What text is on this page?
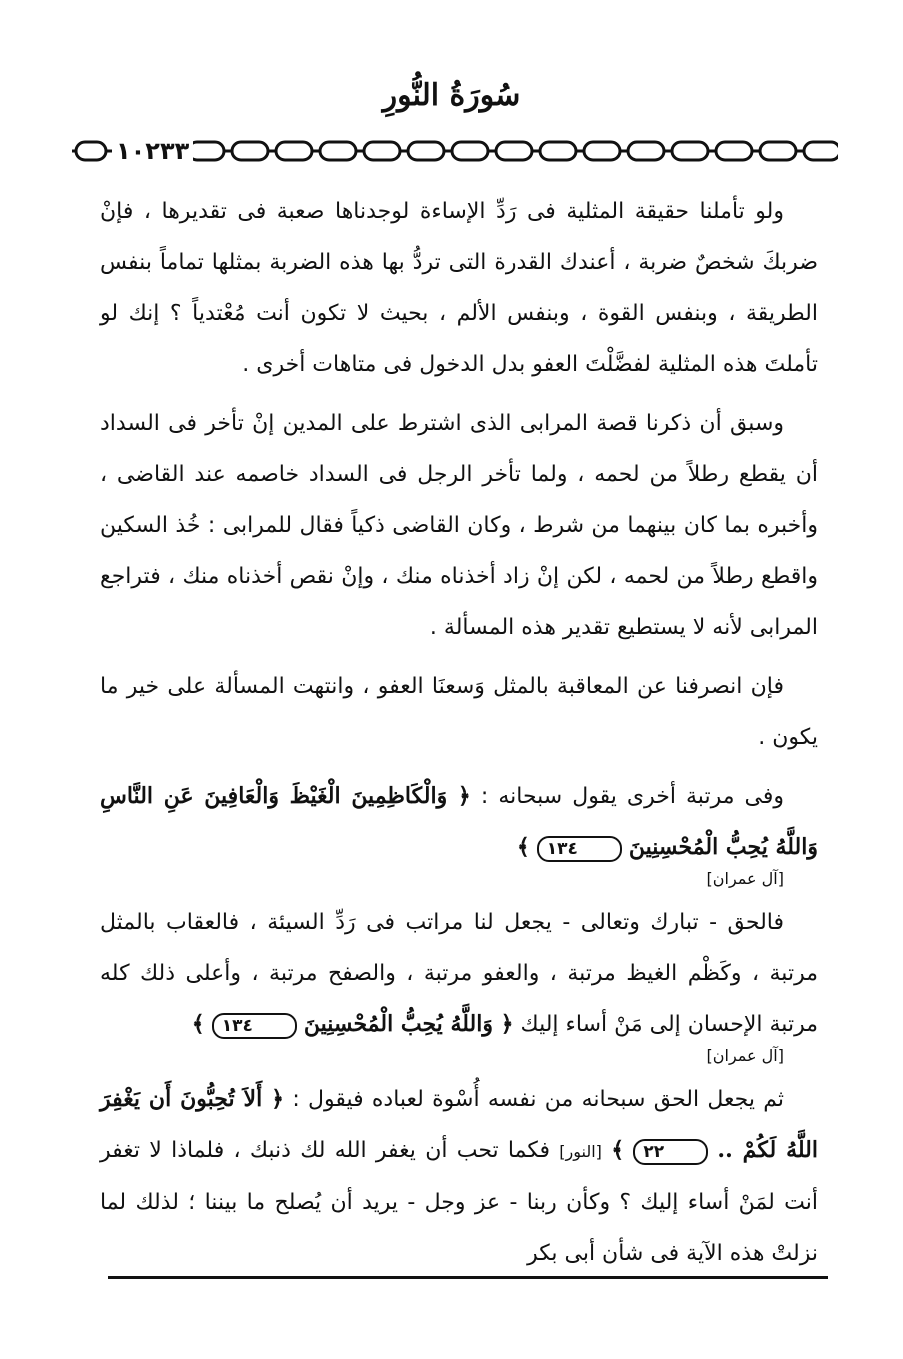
سُورَةُ النُّورِ
١٠٢٣٣

ولو تأملنا حقيقة المثلية فى رَدِّ الإساءة لوجدناها صعبة فى تقديرها ، فإنْ ضربكَ شخصٌ ضربة ، أعندك القدرة التى تردُّ بها هذه الضربة بمثلها تماماً بنفس الطريقة ، وبنفس القوة ، وبنفس الألم ، بحيث لا تكون أنت مُعْتدياً ؟ إنك لو تأملتَ هذه المثلية لفضَّلْتَ العفو بدل الدخول فى متاهات أخرى .

وسبق أن ذكرنا قصة المرابى الذى اشترط على المدين إنْ تأخر فى السداد أن يقطع رطلاً من لحمه ، ولما تأخر الرجل فى السداد خاصمه عند القاضى ، وأخبره بما كان بينهما من شرط ، وكان القاضى ذكياً فقال للمرابى : خُذ السكين واقطع رطلاً من لحمه ، لكن إنْ زاد أخذناه منك ، وإنْ نقص أخذناه منك ، فتراجع المرابى لأنه لا يستطيع تقدير هذه المسألة .

فإن انصرفنا عن المعاقبة بالمثل وَسعنَا العفو ، وانتهت المسألة على خير ما يكون .

وفى مرتبة أخرى يقول سبحانه : ﴿ وَالْكَاظِمِينَ الْغَيْظَ وَالْعَافِينَ عَنِ النَّاسِ وَاللَّهُ يُحِبُّ الْمُحْسِنِينَ ١٣٤ ﴾
[آل عمران]

فالحق - تبارك وتعالى - يجعل لنا مراتب فى رَدِّ السيئة ، فالعقاب بالمثل مرتبة ، وكَظْم الغيظ مرتبة ، والعفو مرتبة ، والصفح مرتبة ، وأعلى ذلك كله مرتبة الإحسان إلى مَنْ أساء إليك ﴿ وَاللَّهُ يُحِبُّ الْمُحْسِنِينَ ١٣٤ ﴾
[آل عمران]

ثم يجعل الحق سبحانه من نفسه أُسْوة لعباده فيقول : ﴿ أَلاَ تُحِبُّونَ أَن يَغْفِرَ اللَّهُ لَكُمْ .. ٢٢ ﴾ [النور] فكما تحب أن يغفر الله لك ذنبك ، فلماذا لا تغفر أنت لمَنْ أساء إليك ؟ وكأن ربنا - عز وجل - يريد أن يُصلح ما بيننا ؛ لذلك لما نزلتْ هذه الآية فى شأن أبى بكر
